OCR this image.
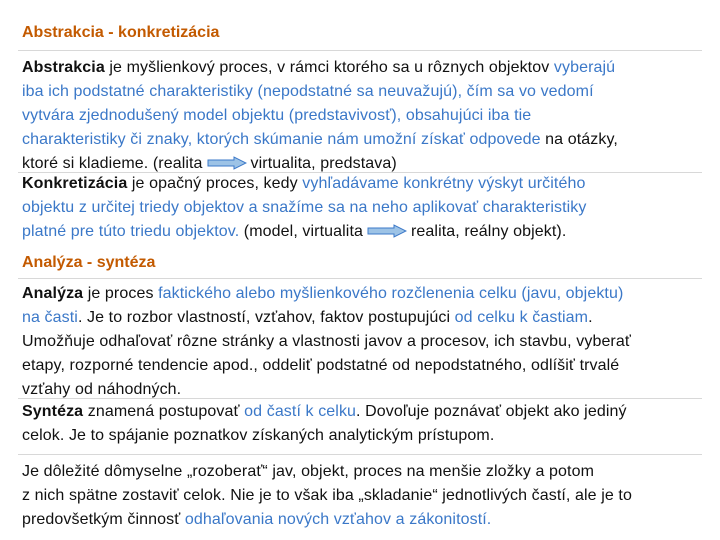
Abstrakcia - konkretizácia
Abstrakcia je myšlienkový proces, v rámci ktorého sa u rôznych objektov vyberajú
iba ich podstatné charakteristiky (nepodstatné sa neuvažujú), čím sa vo vedomí
vytvára zjednodušený model objektu (predstavivosť), obsahujúci iba tie
charakteristiky či znaky, ktorých skúmanie nám umožní získať odpovede na otázky,
ktoré si kladieme. (realita	virtualita, predstava)
Konkretizácia je opačný proces, kedy vyhľadávame konkrétny výskyt určitého
objektu z určitej triedy objektov a snažíme sa na neho aplikovať charakteristiky
platné pre túto triedu objektov. (model, virtualita	realita, reálny objekt).
Analýza - syntéza
Analýza je proces faktického alebo myšlienkového rozčlenenia celku (javu, objektu)
na časti. Je to rozbor vlastností, vzťahov, faktov postupujúci od celku k častiam.
Umožňuje odhaľovať rôzne stránky a vlastnosti javov a procesov, ich stavbu, vyberať
etapy, rozporné tendencie apod., oddeliť podstatné od nepodstatného, odlíšiť trvalé
vzťahy od náhodných.
Syntéza znamená postupovať od častí k celku. Dovoľuje poznávať objekt ako jediný
celok. Je to spájanie poznatkov získaných analytickým prístupom.
Je dôležité dômyselne „rozoberať“ jav, objekt, proces na menšie zložky a potom
z nich spätne zostaviť celok. Nie je to však iba „skladanie“ jednotlivých častí, ale je to
predovšetkým činnosť odhaľovania nových vzťahov a zákonitostí.
